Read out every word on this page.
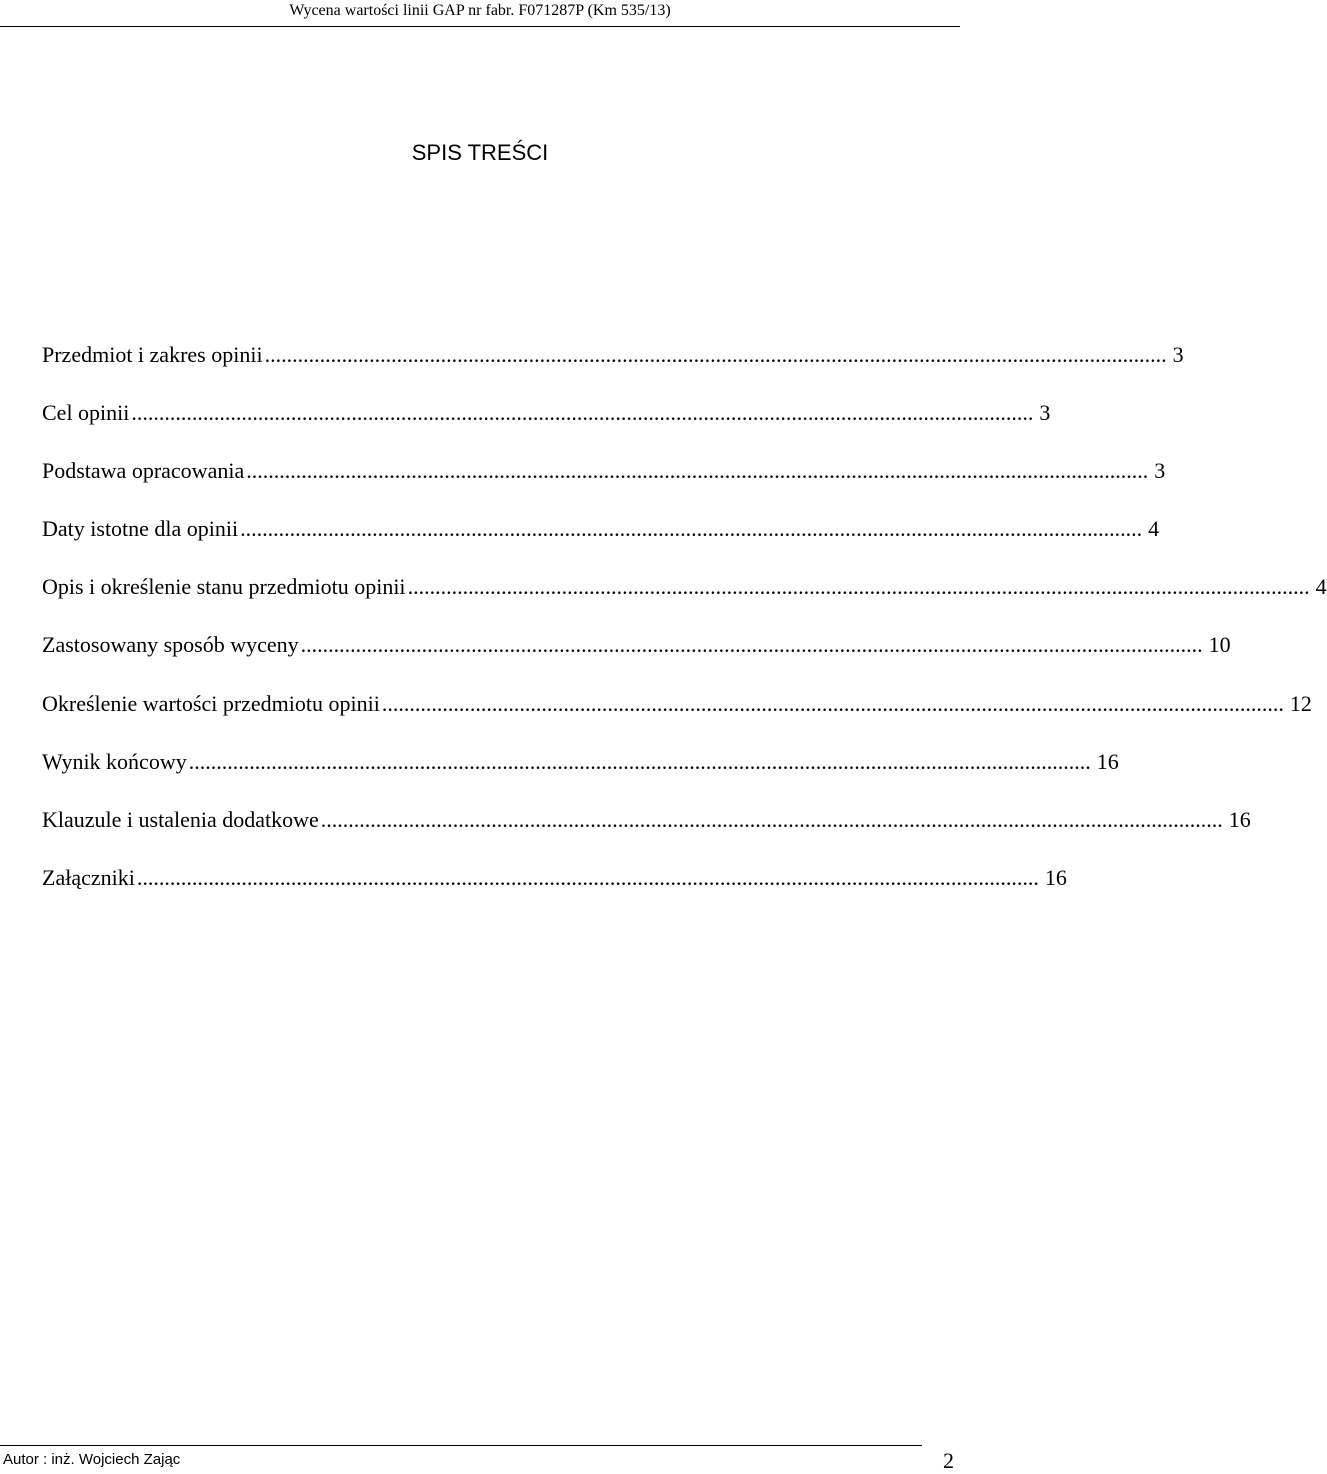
Wycena wartości linii GAP nr fabr. F071287P (Km 535/13)
SPIS TREŚCI
Przedmiot i zakres opinii .................................................................................................................................................................... 3
Cel opinii .................................................................................................................................................................... 3
Podstawa opracowania .................................................................................................................................................................... 3
Daty istotne dla opinii .................................................................................................................................................................... 4
Opis i określenie stanu przedmiotu opinii .................................................................................................................................................................... 4
Zastosowany sposób wyceny .................................................................................................................................................................... 10
Określenie wartości przedmiotu opinii .................................................................................................................................................................... 12
Wynik końcowy .................................................................................................................................................................... 16
Klauzule i ustalenia dodatkowe .................................................................................................................................................................... 16
Załączniki .................................................................................................................................................................... 16
Autor : inż. Wojciech Zając	2
